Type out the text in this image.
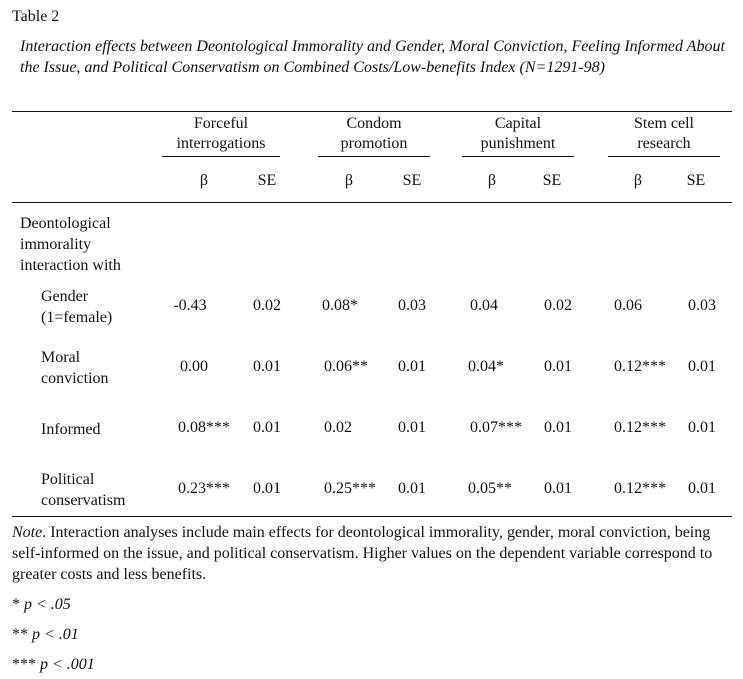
Table 2
Interaction effects between Deontological Immorality and Gender, Moral Conviction, Feeling Informed About the Issue, and Political Conservatism on Combined Costs/Low-benefits Index (N=1291-98)
Forceful
interrogations
Condom
promotion
Capital
punishment
Stem cell
research
β	SE	β	SE	β	SE	β	SE
Deontological
immorality
interaction with
Gender
(1=female)
-0.43	0.02	0.08*	0.03	0.04	0.02	0.06	0.03
Moral
conviction
0.00	0.01	0.06**	0.01	0.04*	0.01	0.12***	0.01
Informed	0.08***	0.01	0.02	0.01	0.07***	0.01	0.12***	0.01
Political
conservatism
0.23***	0.01	0.25***	0.01	0.05**	0.01	0.12***	0.01
Note. Interaction analyses include main effects for deontological immorality, gender, moral conviction, being self-informed on the issue, and political conservatism. Higher values on the dependent variable correspond to greater costs and less benefits.
* p < .05
** p < .01
*** p < .001
